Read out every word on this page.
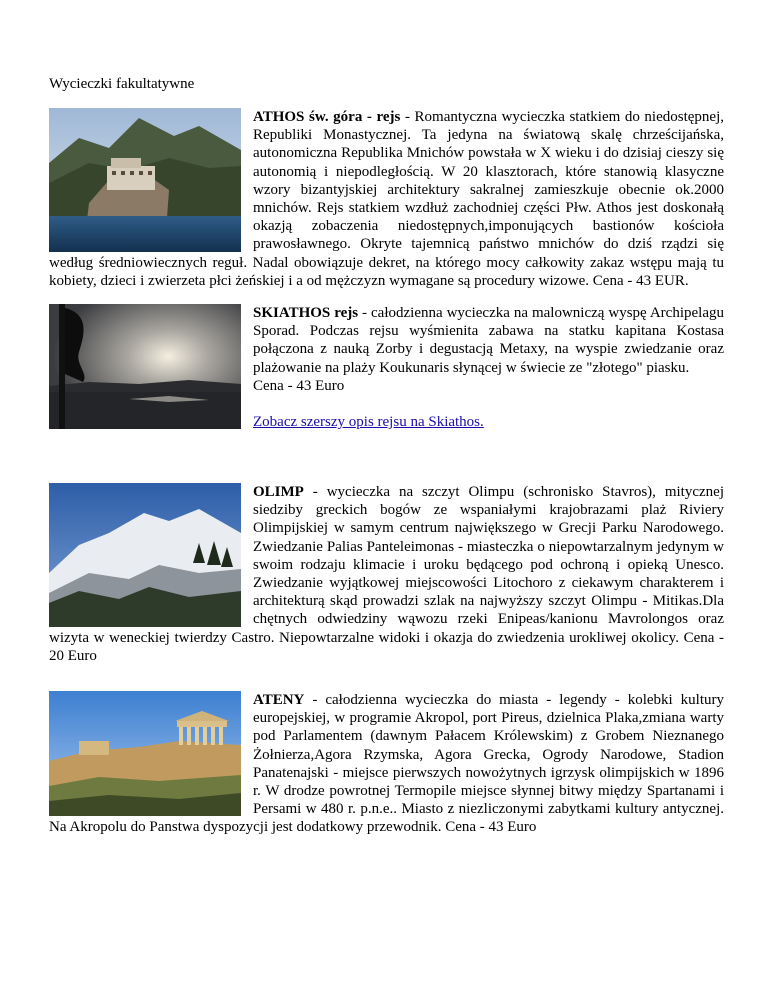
Wycieczki fakultatywne
ATHOS św. góra - rejs - Romantyczna wycieczka statkiem do niedostępnej, Republiki Monastycznej. Ta jedyna na światową skalę chrześcijańska, autonomiczna Republika Mnichów powstała w X wieku i do dzisiaj cieszy się autonomią i niepodległością. W 20 klasztorach, które stanowią klasyczne wzory bizantyjskiej architektury sakralnej zamieszkuje obecnie ok.2000 mnichów. Rejs statkiem wzdłuż zachodniej części Płw. Athos jest doskonałą okazją zobaczenia niedostępnych,imponujących bastionów kościoła prawosławnego. Okryte tajemnicą państwo mnichów do dziś rządzi się według średniowiecznych reguł. Nadal obowiązuje dekret, na którego mocy całkowity zakaz wstępu mają tu kobiety, dzieci i zwierzeta płci żeńskiej i a od mężczyzn wymagane są procedury wizowe. Cena - 43 EUR.
SKIATHOS rejs - całodzienna wycieczka na malowniczą wyspę Archipelagu Sporad. Podczas rejsu wyśmienita zabawa na statku kapitana Kostasa połączona z nauką Zorby i degustacją Metaxy, na wyspie zwiedzanie oraz plażowanie na plaży Koukunaris słynącej w świecie ze "złotego" piasku.
Cena - 43 Euro

Zobacz szerszy opis rejsu na Skiathos.
OLIMP - wycieczka na szczyt Olimpu (schronisko Stavros), mitycznej siedziby greckich bogów ze wspaniałymi krajobrazami plaż Riviery Olimpijskiej w samym centrum największego w Grecji Parku Narodowego. Zwiedzanie Palias Panteleimonas - miasteczka o niepowtarzalnym jedynym w swoim rodzaju klimacie i uroku będącego pod ochroną i opieką Unesco. Zwiedzanie wyjątkowej miejscowości Litochoro z ciekawym charakterem i architekturą skąd prowadzi szlak na najwyższy szczyt Olimpu - Mitikas.Dla chętnych odwiedziny wąwozu rzeki Enipeas/kanionu Mavrolongos oraz wizyta w weneckiej twierdzy Castro. Niepowtarzalne widoki i okazja do zwiedzenia urokliwej okolicy. Cena - 20 Euro
ATENY - całodzienna wycieczka do miasta - legendy - kolebki kultury europejskiej, w programie Akropol, port Pireus, dzielnica Plaka,zmiana warty pod Parlamentem (dawnym Pałacem Królewskim) z Grobem Nieznanego Żołnierza,Agora Rzymska, Agora Grecka, Ogrody Narodowe, Stadion Panatenajski - miejsce pierwszych nowożytnych igrzysk olimpijskich w 1896 r. W drodze powrotnej Termopile miejsce słynnej bitwy między Spartanami i Persami w 480 r. p.n.e.. Miasto z niezliczonymi zabytkami kultury antycznej. Na Akropolu do Panstwa dyspozycji jest dodatkowy przewodnik. Cena - 43 Euro
